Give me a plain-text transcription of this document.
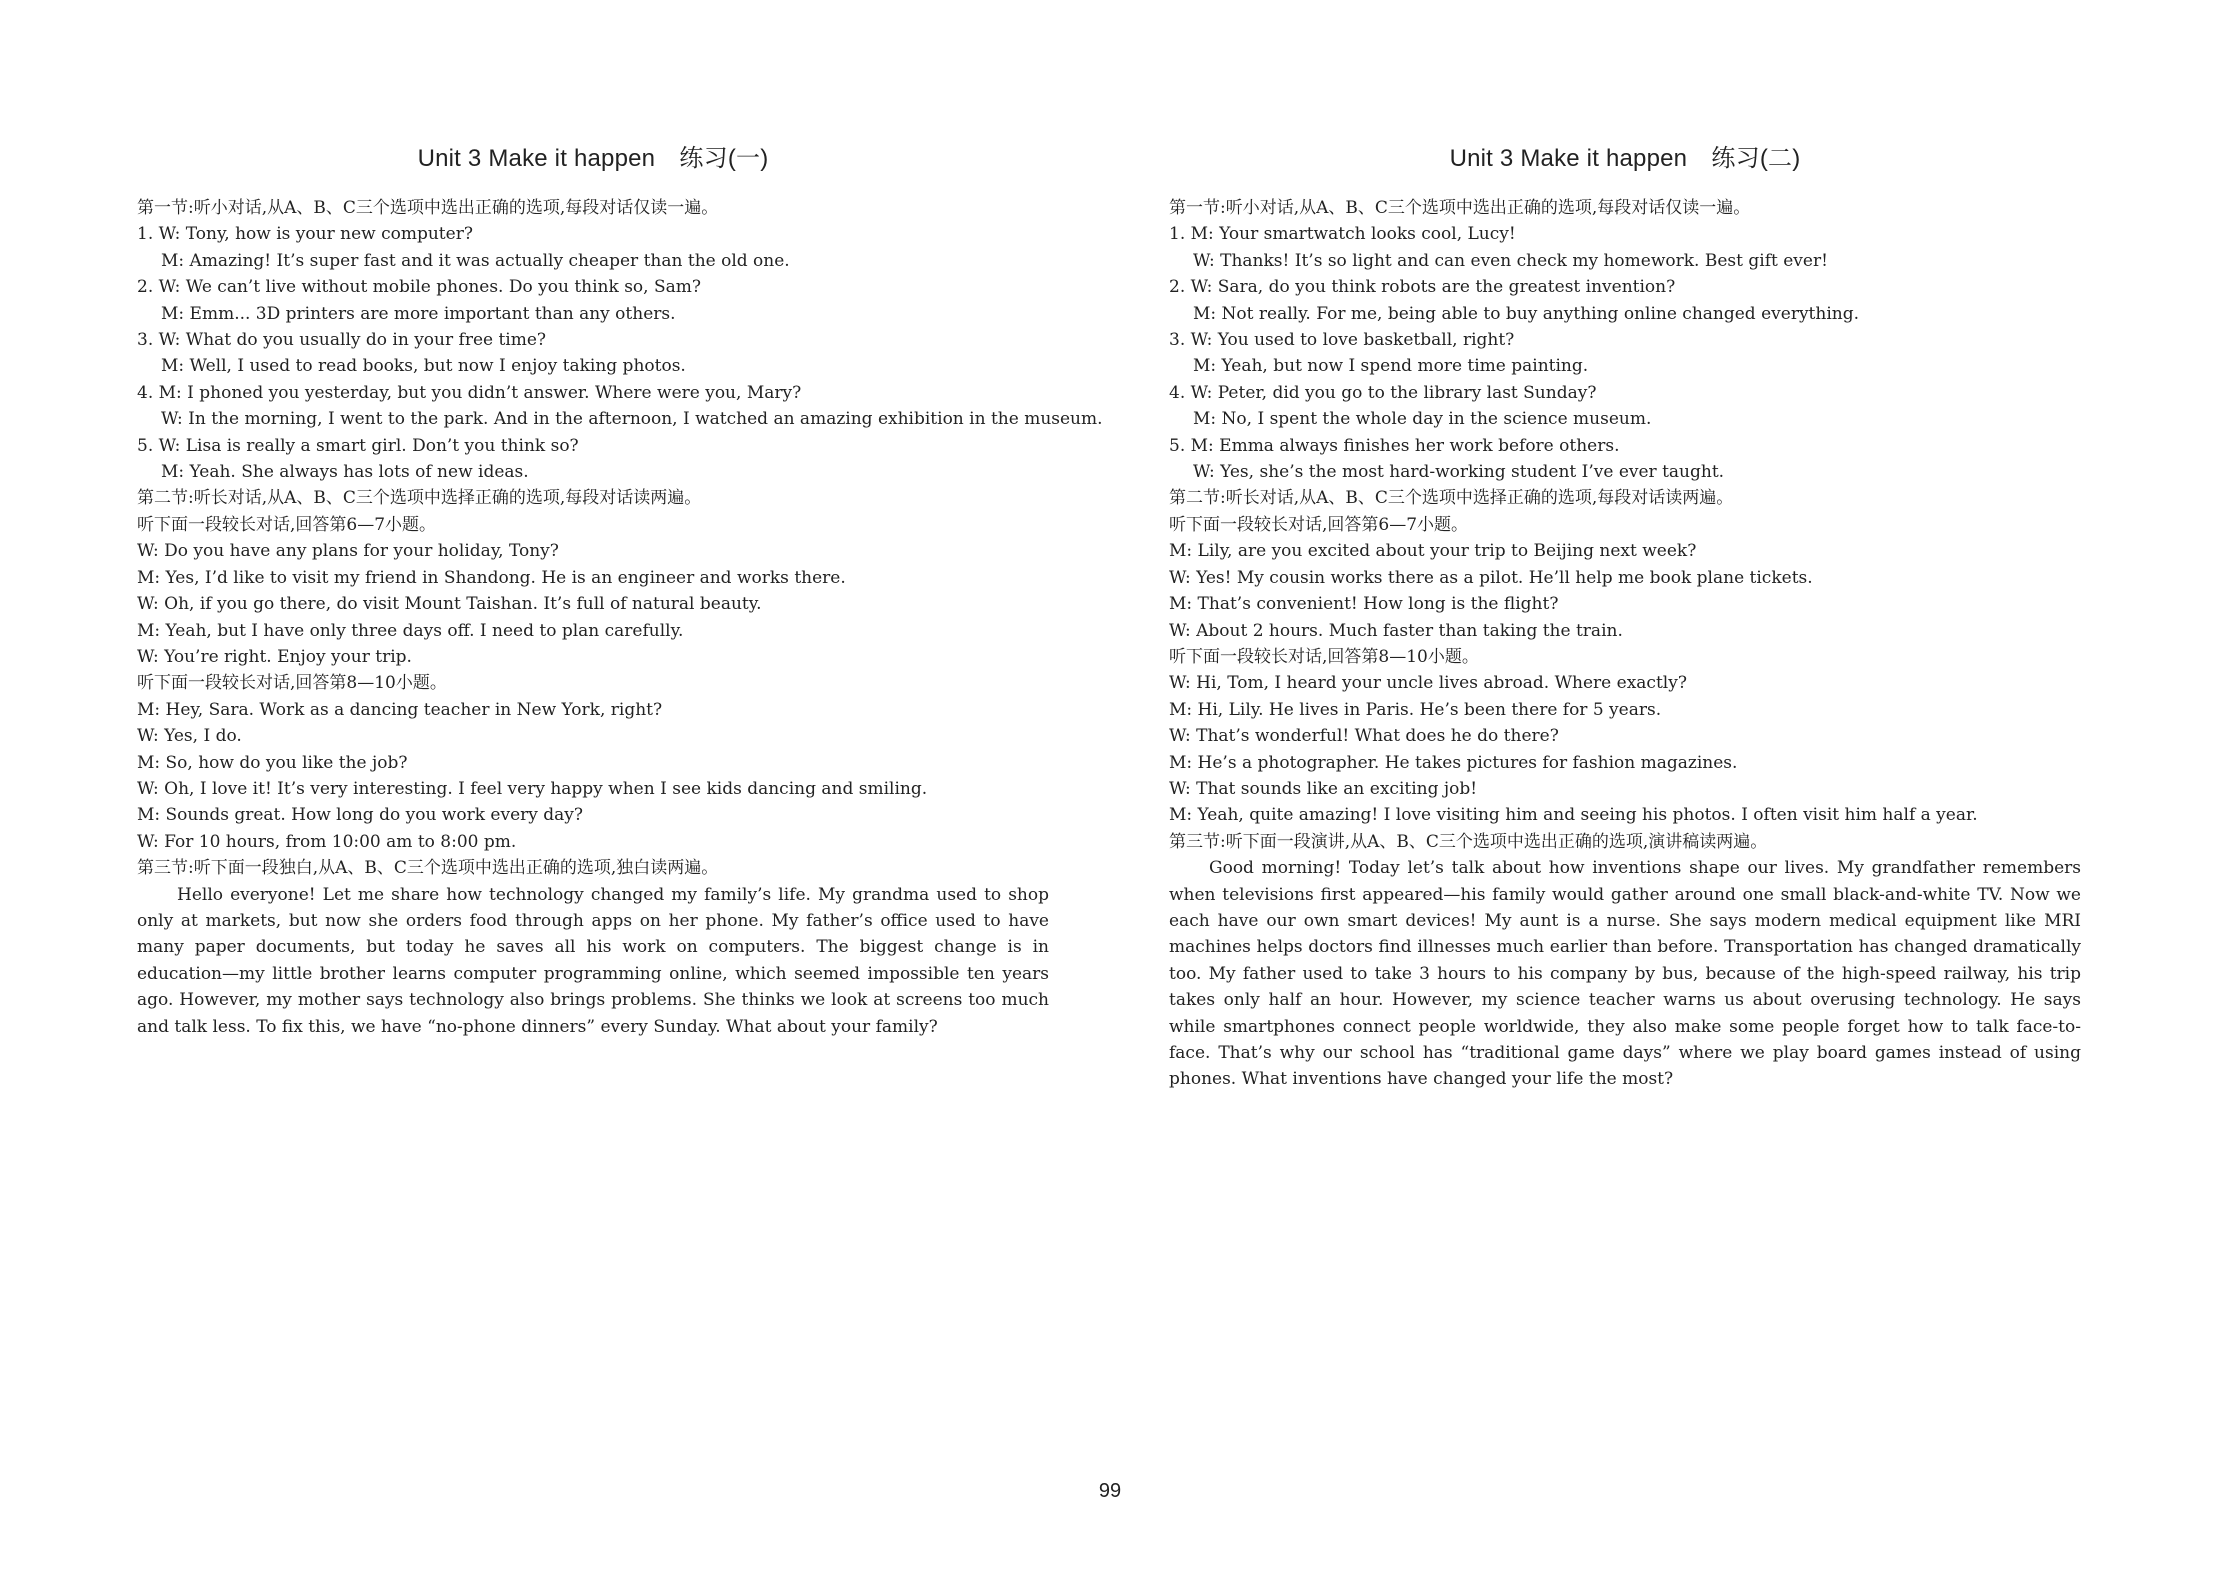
Unit 3 Make it happen　练习(一)
第一节:听小对话,从A、B、C三个选项中选出正确的选项,每段对话仅读一遍。
1. W: Tony, how is your new computer?
M: Amazing! It’s super fast and it was actually cheaper than the old one.
2. W: We can’t live without mobile phones. Do you think so, Sam?
M: Emm... 3D printers are more important than any others.
3. W: What do you usually do in your free time?
M: Well, I used to read books, but now I enjoy taking photos.
4. M: I phoned you yesterday, but you didn’t answer. Where were you, Mary?
W: In the morning, I went to the park. And in the afternoon, I watched an amazing exhibition in the museum.
5. W: Lisa is really a smart girl. Don’t you think so?
M: Yeah. She always has lots of new ideas.
第二节:听长对话,从A、B、C三个选项中选择正确的选项,每段对话读两遍。
听下面一段较长对话,回答第6—7小题。
W: Do you have any plans for your holiday, Tony?
M: Yes, I’d like to visit my friend in Shandong. He is an engineer and works there.
W: Oh, if you go there, do visit Mount Taishan. It’s full of natural beauty.
M: Yeah, but I have only three days off. I need to plan carefully.
W: You’re right. Enjoy your trip.
听下面一段较长对话,回答第8—10小题。
M: Hey, Sara. Work as a dancing teacher in New York, right?
W: Yes, I do.
M: So, how do you like the job?
W: Oh, I love it! It’s very interesting. I feel very happy when I see kids dancing and smiling.
M: Sounds great. How long do you work every day?
W: For 10 hours, from 10:00 am to 8:00 pm.
第三节:听下面一段独白,从A、B、C三个选项中选出正确的选项,独白读两遍。
Hello everyone! Let me share how technology changed my family’s life. My grandma used to shop only at markets, but now she orders food through apps on her phone. My father’s office used to have many paper documents, but today he saves all his work on computers. The biggest change is in education—my little brother learns computer programming online, which seemed impossible ten years ago. However, my mother says technology also brings problems. She thinks we look at screens too much and talk less. To fix this, we have “no-phone dinners” every Sunday. What about your family?
Unit 3 Make it happen　练习(二)
第一节:听小对话,从A、B、C三个选项中选出正确的选项,每段对话仅读一遍。
1. M: Your smartwatch looks cool, Lucy!
W: Thanks! It’s so light and can even check my homework. Best gift ever!
2. W: Sara, do you think robots are the greatest invention?
M: Not really. For me, being able to buy anything online changed everything.
3. W: You used to love basketball, right?
M: Yeah, but now I spend more time painting.
4. W: Peter, did you go to the library last Sunday?
M: No, I spent the whole day in the science museum.
5. M: Emma always finishes her work before others.
W: Yes, she’s the most hard-working student I’ve ever taught.
第二节:听长对话,从A、B、C三个选项中选择正确的选项,每段对话读两遍。
听下面一段较长对话,回答第6—7小题。
M: Lily, are you excited about your trip to Beijing next week?
W: Yes! My cousin works there as a pilot. He’ll help me book plane tickets.
M: That’s convenient! How long is the flight?
W: About 2 hours. Much faster than taking the train.
听下面一段较长对话,回答第8—10小题。
W: Hi, Tom, I heard your uncle lives abroad. Where exactly?
M: Hi, Lily. He lives in Paris. He’s been there for 5 years.
W: That’s wonderful! What does he do there?
M: He’s a photographer. He takes pictures for fashion magazines.
W: That sounds like an exciting job!
M: Yeah, quite amazing! I love visiting him and seeing his photos. I often visit him half a year.
第三节:听下面一段演讲,从A、B、C三个选项中选出正确的选项,演讲稿读两遍。
Good morning! Today let’s talk about how inventions shape our lives. My grandfather remembers when televisions first appeared—his family would gather around one small black-and-white TV. Now we each have our own smart devices! My aunt is a nurse. She says modern medical equipment like MRI machines helps doctors find illnesses much earlier than before. Transportation has changed dramatically too. My father used to take 3 hours to his company by bus, because of the high-speed railway, his trip takes only half an hour. However, my science teacher warns us about overusing technology. He says while smartphones connect people worldwide, they also make some people forget how to talk face-to-face. That’s why our school has “traditional game days” where we play board games instead of using phones. What inventions have changed your life the most?
99
